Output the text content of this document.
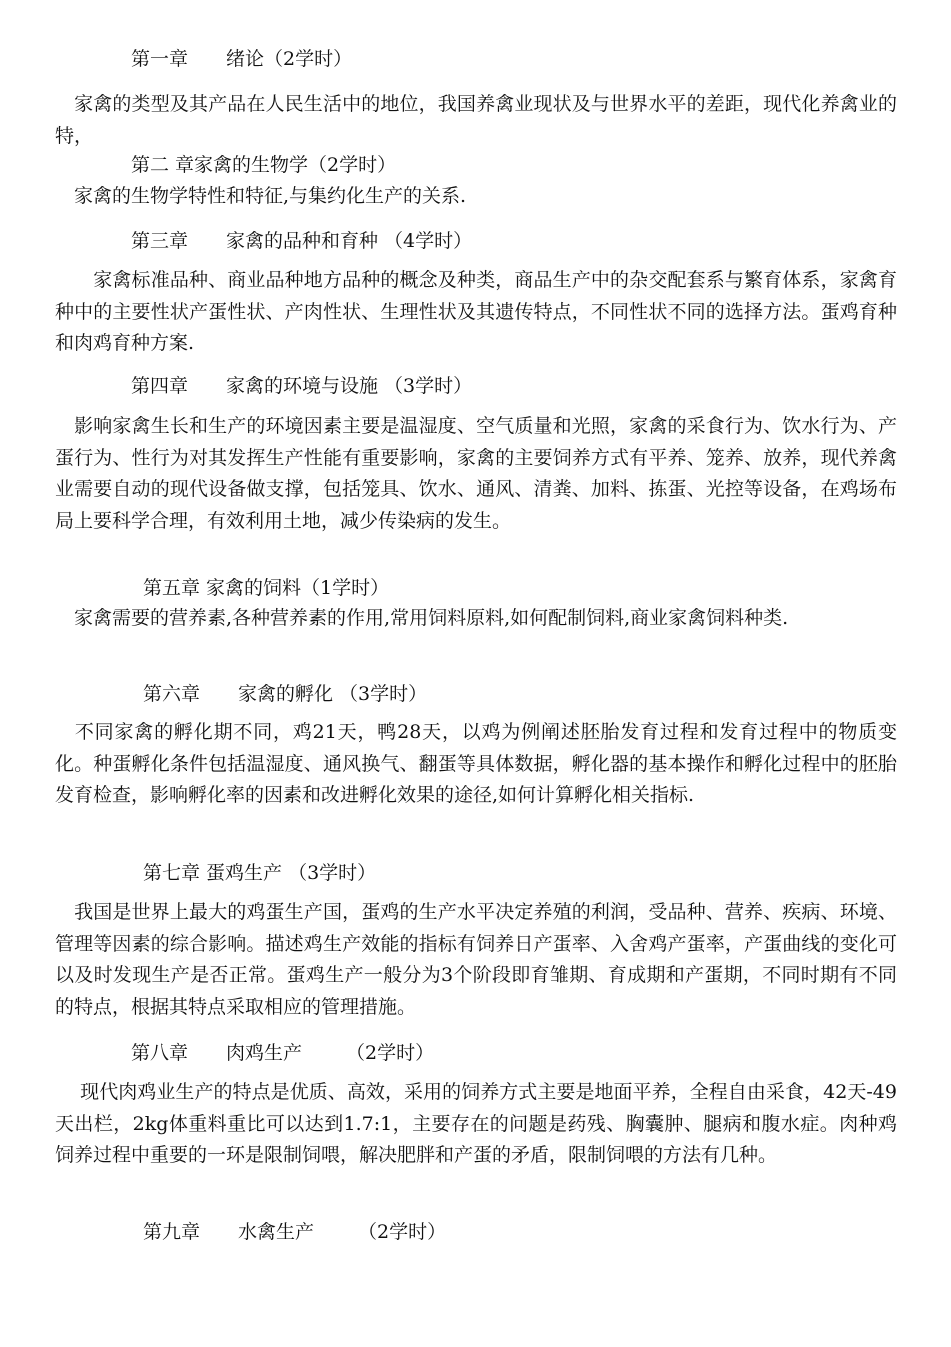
第一章　　绪论（2学时）

　家禽的类型及其产品在人民生活中的地位，我国养禽业现状及与世界水平的差距，现代化养禽业的特，

第二 章家禽的生物学（2学时）

　家禽的生物学特性和特征,与集约化生产的关系.

第三章　　家禽的品种和育种 （4学时）

　　家禽标准品种、商业品种地方品种的概念及种类，商品生产中的杂交配套系与繁育体系，家禽育种中的主要性状产蛋性状、产肉性状、生理性状及其遗传特点，不同性状不同的选择方法。蛋鸡育种和肉鸡育种方案.

第四章　　家禽的环境与设施 （3学时）

　影响家禽生长和生产的环境因素主要是温湿度、空气质量和光照，家禽的采食行为、饮水行为、产蛋行为、性行为对其发挥生产性能有重要影响，家禽的主要饲养方式有平养、笼养、放养，现代养禽业需要自动的现代设备做支撑，包括笼具、饮水、通风、清粪、加料、拣蛋、光控等设备，在鸡场布局上要科学合理，有效利用土地，减少传染病的发生。

第五章 家禽的饲料（1学时）

　家禽需要的营养素,各种营养素的作用,常用饲料原料,如何配制饲料,商业家禽饲料种类.

第六章　　家禽的孵化 （3学时）

　不同家禽的孵化期不同，鸡21天，鸭28天，以鸡为例阐述胚胎发育过程和发育过程中的物质变化。种蛋孵化条件包括温湿度、通风换气、翻蛋等具体数据，孵化器的基本操作和孵化过程中的胚胎发育检查，影响孵化率的因素和改进孵化效果的途径,如何计算孵化相关指标.

第七章 蛋鸡生产 （3学时）

　我国是世界上最大的鸡蛋生产国，蛋鸡的生产水平决定养殖的利润，受品种、营养、疾病、环境、管理等因素的综合影响。描述鸡生产效能的指标有饲养日产蛋率、入舍鸡产蛋率，产蛋曲线的变化可以及时发现生产是否正常。蛋鸡生产一般分为3个阶段即育雏期、育成期和产蛋期，不同时期有不同的特点，根据其特点采取相应的管理措施。

第八章　　肉鸡生产　　 （2学时）

　 现代肉鸡业生产的特点是优质、高效，采用的饲养方式主要是地面平养，全程自由采食，42天-49天出栏，2kg体重料重比可以达到1.7:1，主要存在的问题是药残、胸囊肿、腿病和腹水症。肉种鸡饲养过程中重要的一环是限制饲喂，解决肥胖和产蛋的矛盾，限制饲喂的方法有几种。

第九章　　水禽生产　　 （2学时）
